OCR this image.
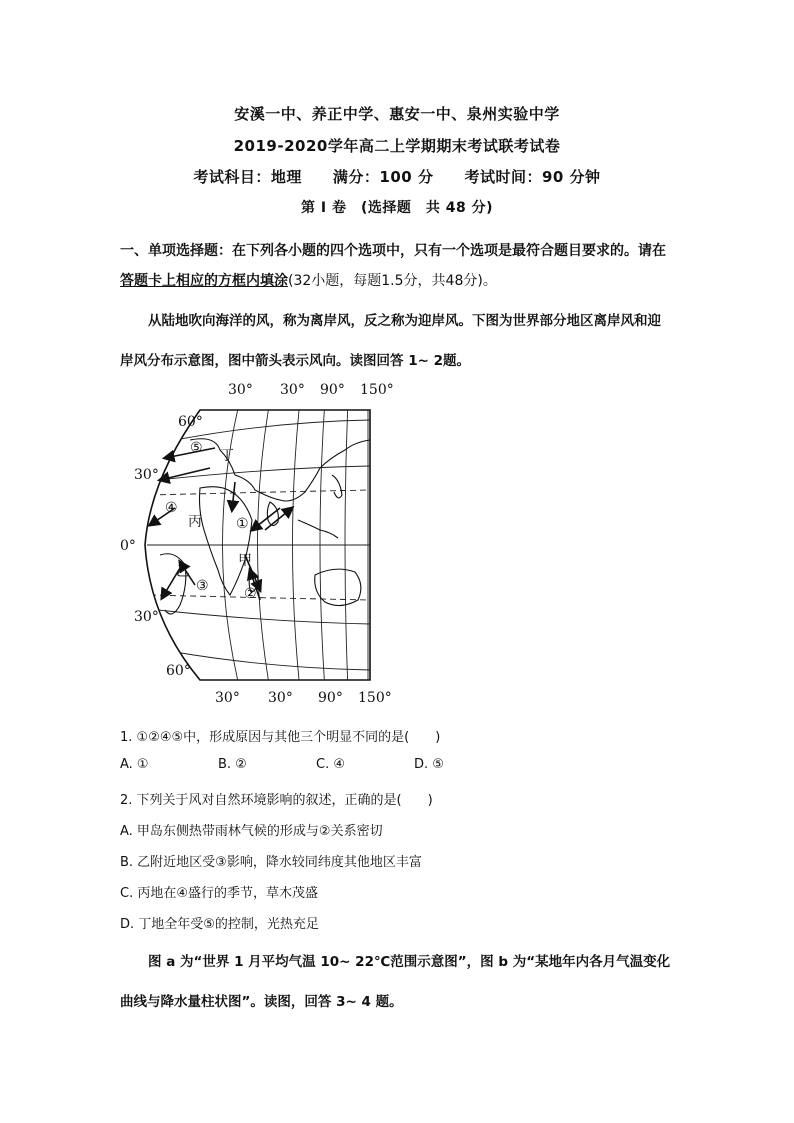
安溪一中、养正中学、惠安一中、泉州实验中学
2019-2020学年高二上学期期末考试联考试卷
考试科目：地理　　满分：100 分　　考试时间：90 分钟
第 I 卷　(选择题　共 48 分)
一、单项选择题：在下列各小题的四个选项中，只有一个选项是最符合题目要求的。请在
答题卡上相应的方框内填涂(32小题，每题1.5分，共48分)。
从陆地吹向海洋的风，称为离岸风，反之称为迎岸风。下图为世界部分地区离岸风和迎
岸风分布示意图，图中箭头表示风向。读图回答 1~ 2题。
30° 30° 90° 150°
30° 30° 90° 150°
60°
30°
0°
30°
60°
①
②
③
④
⑤
甲
乙
丙
丁
1. ①②④⑤中，形成原因与其他三个明显不同的是(　　)
A. ①	B. ②	C. ④	D. ⑤
2. 下列关于风对自然环境影响的叙述，正确的是(　　)
A. 甲岛东侧热带雨林气候的形成与②关系密切
B. 乙附近地区受③影响，降水较同纬度其他地区丰富
C. 丙地在④盛行的季节，草木茂盛
D. 丁地全年受⑤的控制，光热充足
图 a 为“世界 1 月平均气温 10~ 22℃范围示意图”，图 b 为“某地年内各月气温变化
曲线与降水量柱状图”。读图，回答 3~ 4 题。
